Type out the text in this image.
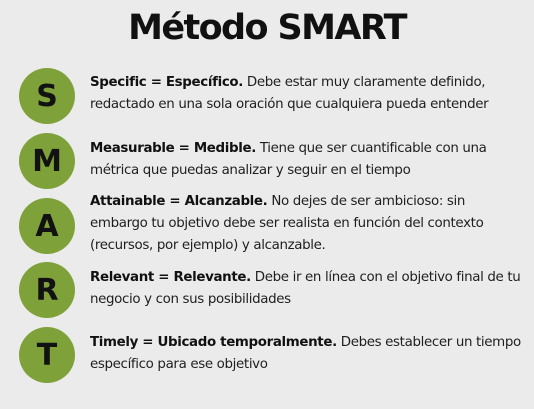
Método SMART
S	Specific = Específico. Debe estar muy claramente definido, redactado en una sola oración que cualquiera pueda entender
M	Measurable = Medible. Tiene que ser cuantificable con una métrica que puedas analizar y seguir en el tiempo
A
Attainable = Alcanzable. No dejes de ser ambicioso: sin embargo tu objetivo debe ser realista en función del contexto (recursos, por ejemplo) y alcanzable.
R	Relevant = Relevante. Debe ir en línea con el objetivo final de tu negocio y con sus posibilidades
T	Timely = Ubicado temporalmente. Debes establecer un tiempo específico para ese objetivo
